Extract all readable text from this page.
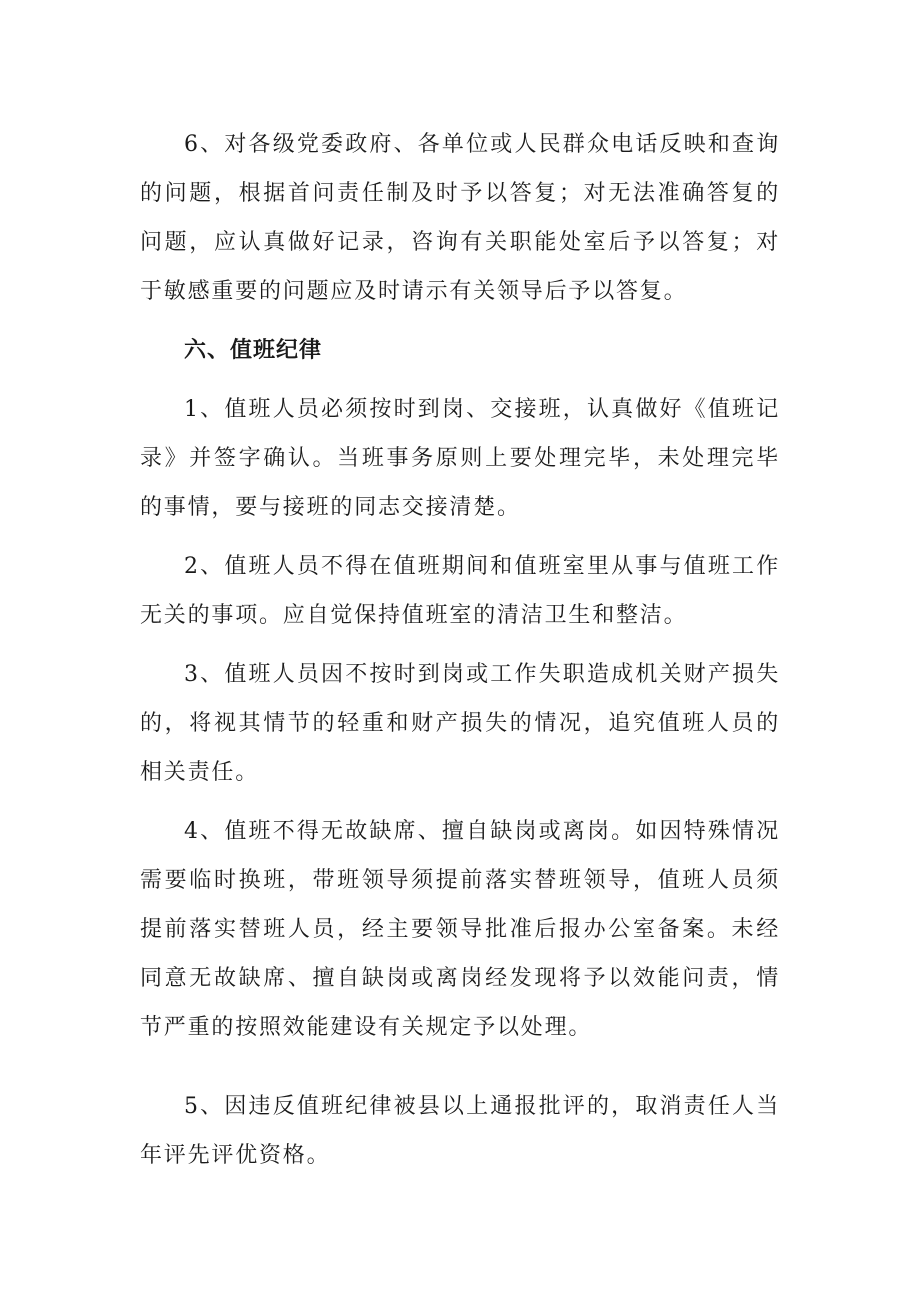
6、对各级党委政府、各单位或人民群众电话反映和查询的问题，根据首问责任制及时予以答复；对无法准确答复的问题，应认真做好记录，咨询有关职能处室后予以答复；对于敏感重要的问题应及时请示有关领导后予以答复。

六、值班纪律

1、值班人员必须按时到岗、交接班，认真做好《值班记录》并签字确认。当班事务原则上要处理完毕，未处理完毕的事情，要与接班的同志交接清楚。

2、值班人员不得在值班期间和值班室里从事与值班工作无关的事项。应自觉保持值班室的清洁卫生和整洁。

3、值班人员因不按时到岗或工作失职造成机关财产损失的，将视其情节的轻重和财产损失的情况，追究值班人员的相关责任。

4、值班不得无故缺席、擅自缺岗或离岗。如因特殊情况需要临时换班，带班领导须提前落实替班领导，值班人员须提前落实替班人员，经主要领导批准后报办公室备案。未经同意无故缺席、擅自缺岗或离岗经发现将予以效能问责，情节严重的按照效能建设有关规定予以处理。

5、因违反值班纪律被县以上通报批评的，取消责任人当年评先评优资格。
